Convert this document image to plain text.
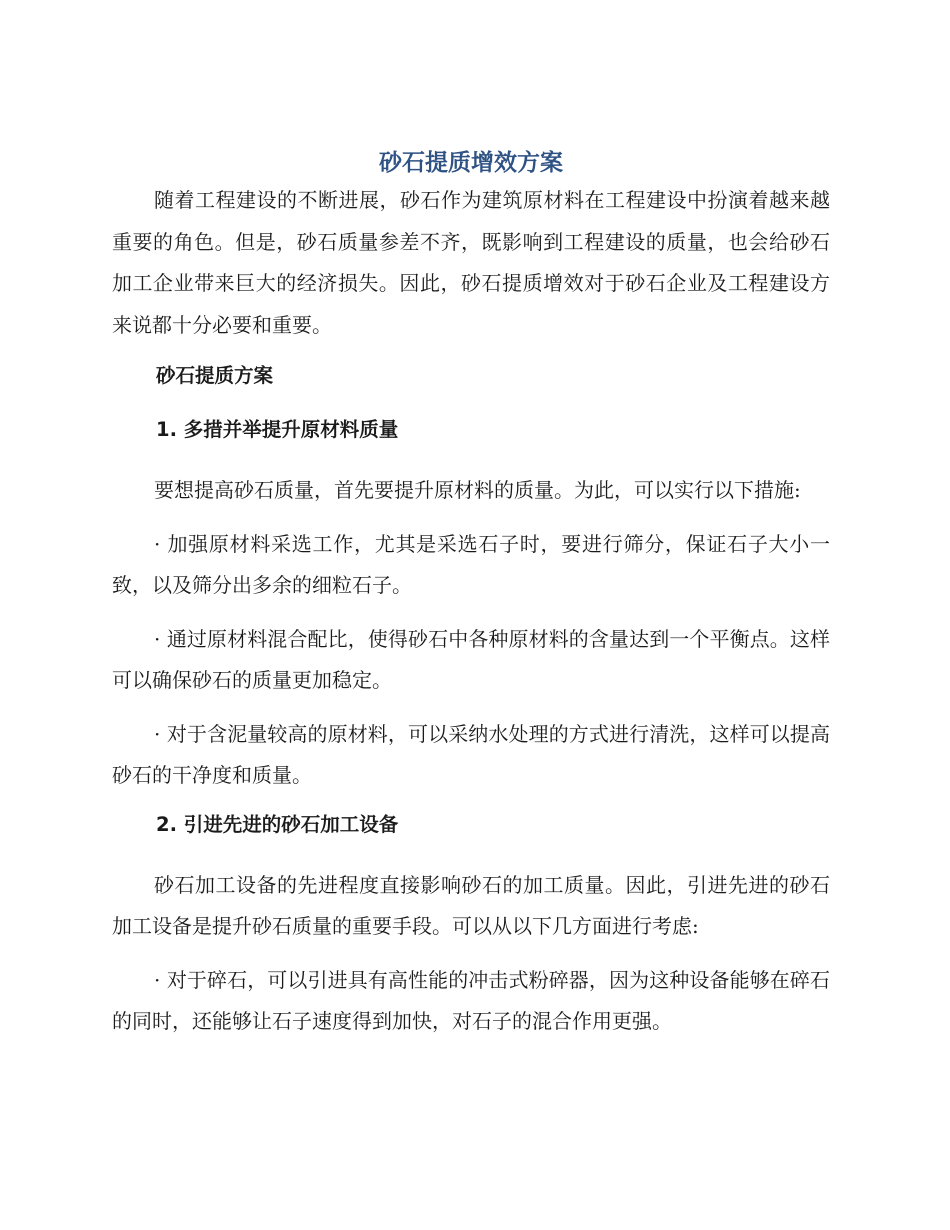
砂石提质增效方案

随着工程建设的不断进展，砂石作为建筑原材料在工程建设中扮演着越来越重要的角色。但是，砂石质量参差不齐，既影响到工程建设的质量，也会给砂石加工企业带来巨大的经济损失。因此，砂石提质增效对于砂石企业及工程建设方来说都十分必要和重要。

砂石提质方案
1. 多措并举提升原材料质量

要想提高砂石质量，首先要提升原材料的质量。为此，可以实行以下措施:

· 加强原材料采选工作，尤其是采选石子时，要进行筛分，保证石子大小一致，以及筛分出多余的细粒石子。

· 通过原材料混合配比，使得砂石中各种原材料的含量达到一个平衡点。这样可以确保砂石的质量更加稳定。

· 对于含泥量较高的原材料，可以采纳水处理的方式进行清洗，这样可以提高砂石的干净度和质量。

2. 引进先进的砂石加工设备

砂石加工设备的先进程度直接影响砂石的加工质量。因此，引进先进的砂石加工设备是提升砂石质量的重要手段。可以从以下几方面进行考虑:

· 对于碎石，可以引进具有高性能的冲击式粉碎器，因为这种设备能够在碎石的同时，还能够让石子速度得到加快，对石子的混合作用更强。
